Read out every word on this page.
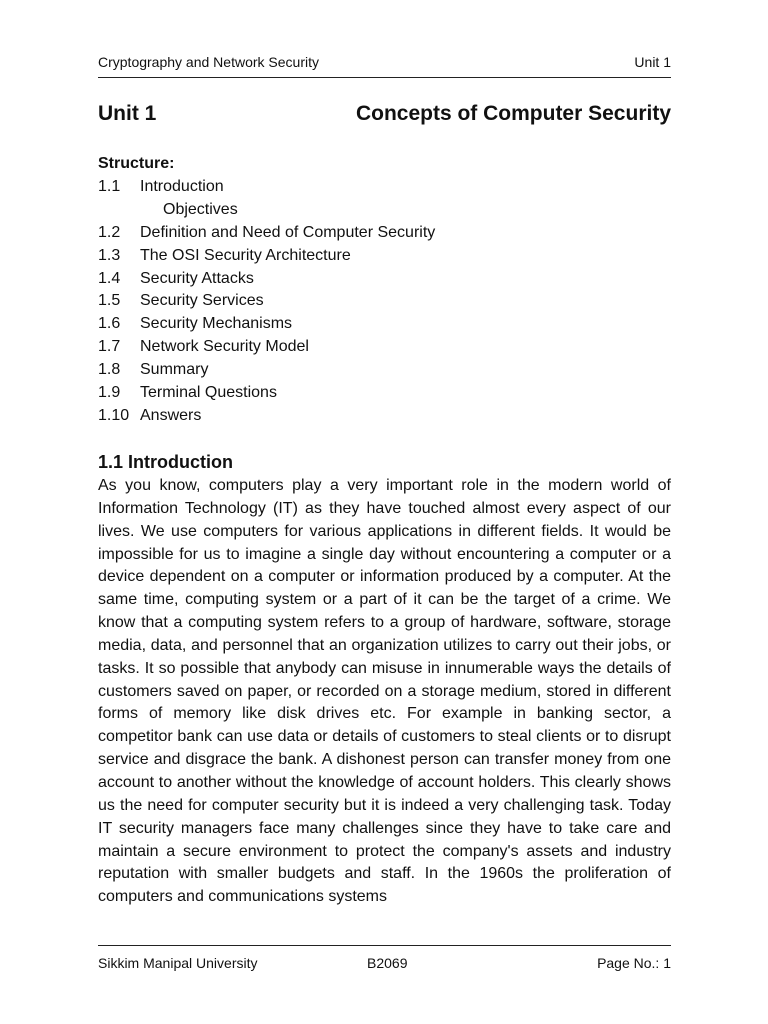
Cryptography and Network Security	Unit 1
Unit 1	Concepts of Computer Security
Structure:
1.1	Introduction
Objectives
1.2	Definition and Need of Computer Security
1.3	The OSI Security Architecture
1.4	Security Attacks
1.5	Security Services
1.6	Security Mechanisms
1.7	Network Security Model
1.8	Summary
1.9	Terminal Questions
1.10 Answers
1.1 Introduction

As you know, computers play a very important role in the modern world of Information Technology (IT) as they have touched almost every aspect of our lives. We use computers for various applications in different fields. It would be impossible for us to imagine a single day without encountering a computer or a device dependent on a computer or information produced by a computer. At the same time, computing system or a part of it can be the target of a crime. We know that a computing system refers to a group of hardware, software, storage media, data, and personnel that an organization utilizes to carry out their jobs, or tasks. It so possible that anybody can misuse in innumerable ways the details of customers saved on paper, or recorded on a storage medium, stored in different forms of memory like disk drives etc. For example in banking sector, a competitor bank can use data or details of customers to steal clients or to disrupt service and disgrace the bank. A dishonest person can transfer money from one account to another without the knowledge of account holders. This clearly shows us the need for computer security but it is indeed a very challenging task. Today IT security managers face many challenges since they have to take care and maintain a secure environment to protect the company's assets and industry reputation with smaller budgets and staff. In the 1960s the proliferation of computers and communications systems

Sikkim Manipal University	B2069	Page No.: 1
